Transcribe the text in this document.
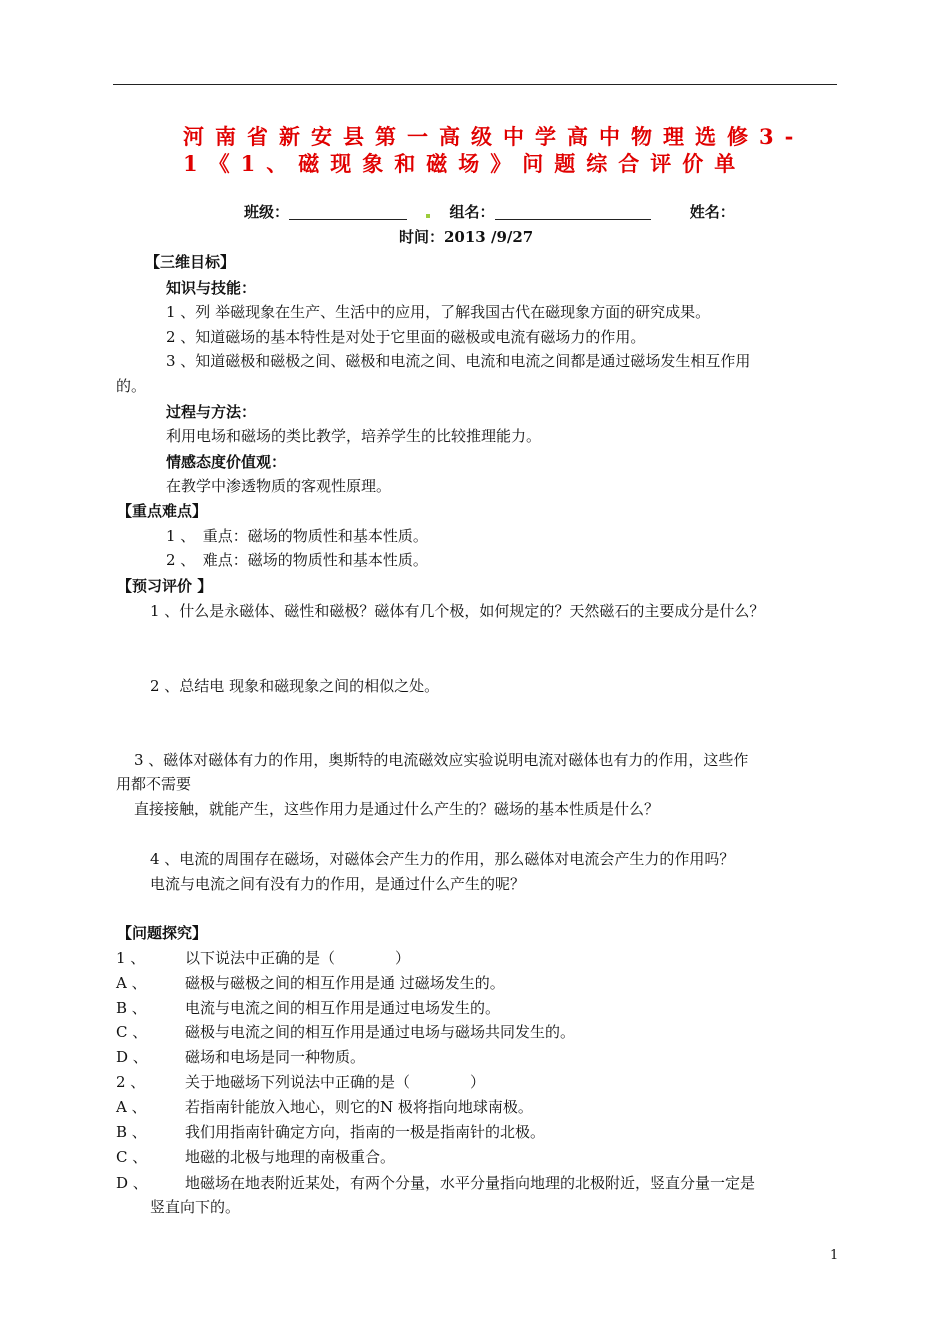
河南省新安县第一高级中学高中物理选修3-
1《1、磁现象和磁场》问题综合评价单
班级：	组名：	姓名：
时间：2013 /9/27
【三维目标】
知识与技能：
1 、列 举磁现象在生产、生活中的应用，了解我国古代在磁现象方面的研究成果。
2 、知道磁场的基本特性是对处于它里面的磁极或电流有磁场力的作用。
3 、知道磁极和磁极之间、磁极和电流之间、电流和电流之间都是通过磁场发生相互作用
的。
过程与方法：
利用电场和磁场的类比教学，培养学生的比较推理能力。
情感态度价值观：
在教学中渗透物质的客观性原理。
【重点难点】
1 、　重点：磁场的物质性和基本性质。
2 、　难点：磁场的物质性和基本性质。
【预习评价 】
1 、什么是永磁体、磁性和磁极？磁体有几个极，如何规定的？天然磁石的主要成分是什么？
2 、总结电 现象和磁现象之间的相似之处。
3 、磁体对磁体有力的作用，奥斯特的电流磁效应实验说明电流对磁体也有力的作用，这些作
用都不需要
直接接触，就能产生，这些作用力是通过什么产生的？磁场的基本性质是什么？
4 、电流的周围存在磁场，对磁体会产生力的作用，那么磁体对电流会产生力的作用吗？
电流与电流之间有没有力的作用，是通过什么产生的呢？
【问题探究】
1 、	以下说法中正确的是（　　　　）
A 、	磁极与磁极之间的相互作用是通 过磁场发生的。
B 、	电流与电流之间的相互作用是通过电场发生的。
C 、	磁极与电流之间的相互作用是通过电场与磁场共同发生的。
D 、 磁场和电场是同一种物质。
2 、	关于地磁场下列说法中正确的是（　　　　）
A 、	若指南针能放入地心，则它的N 极将指向地球南极。
B 、	我们用指南针确定方向，指南的一极是指南针的北极。
C 、	地磁的北极与地理的南极重合。
D 、 地磁场在地表附近某处，有两个分量，水平分量指向地理的北极附近，竖直分量一定是
竖直向下的。
1
